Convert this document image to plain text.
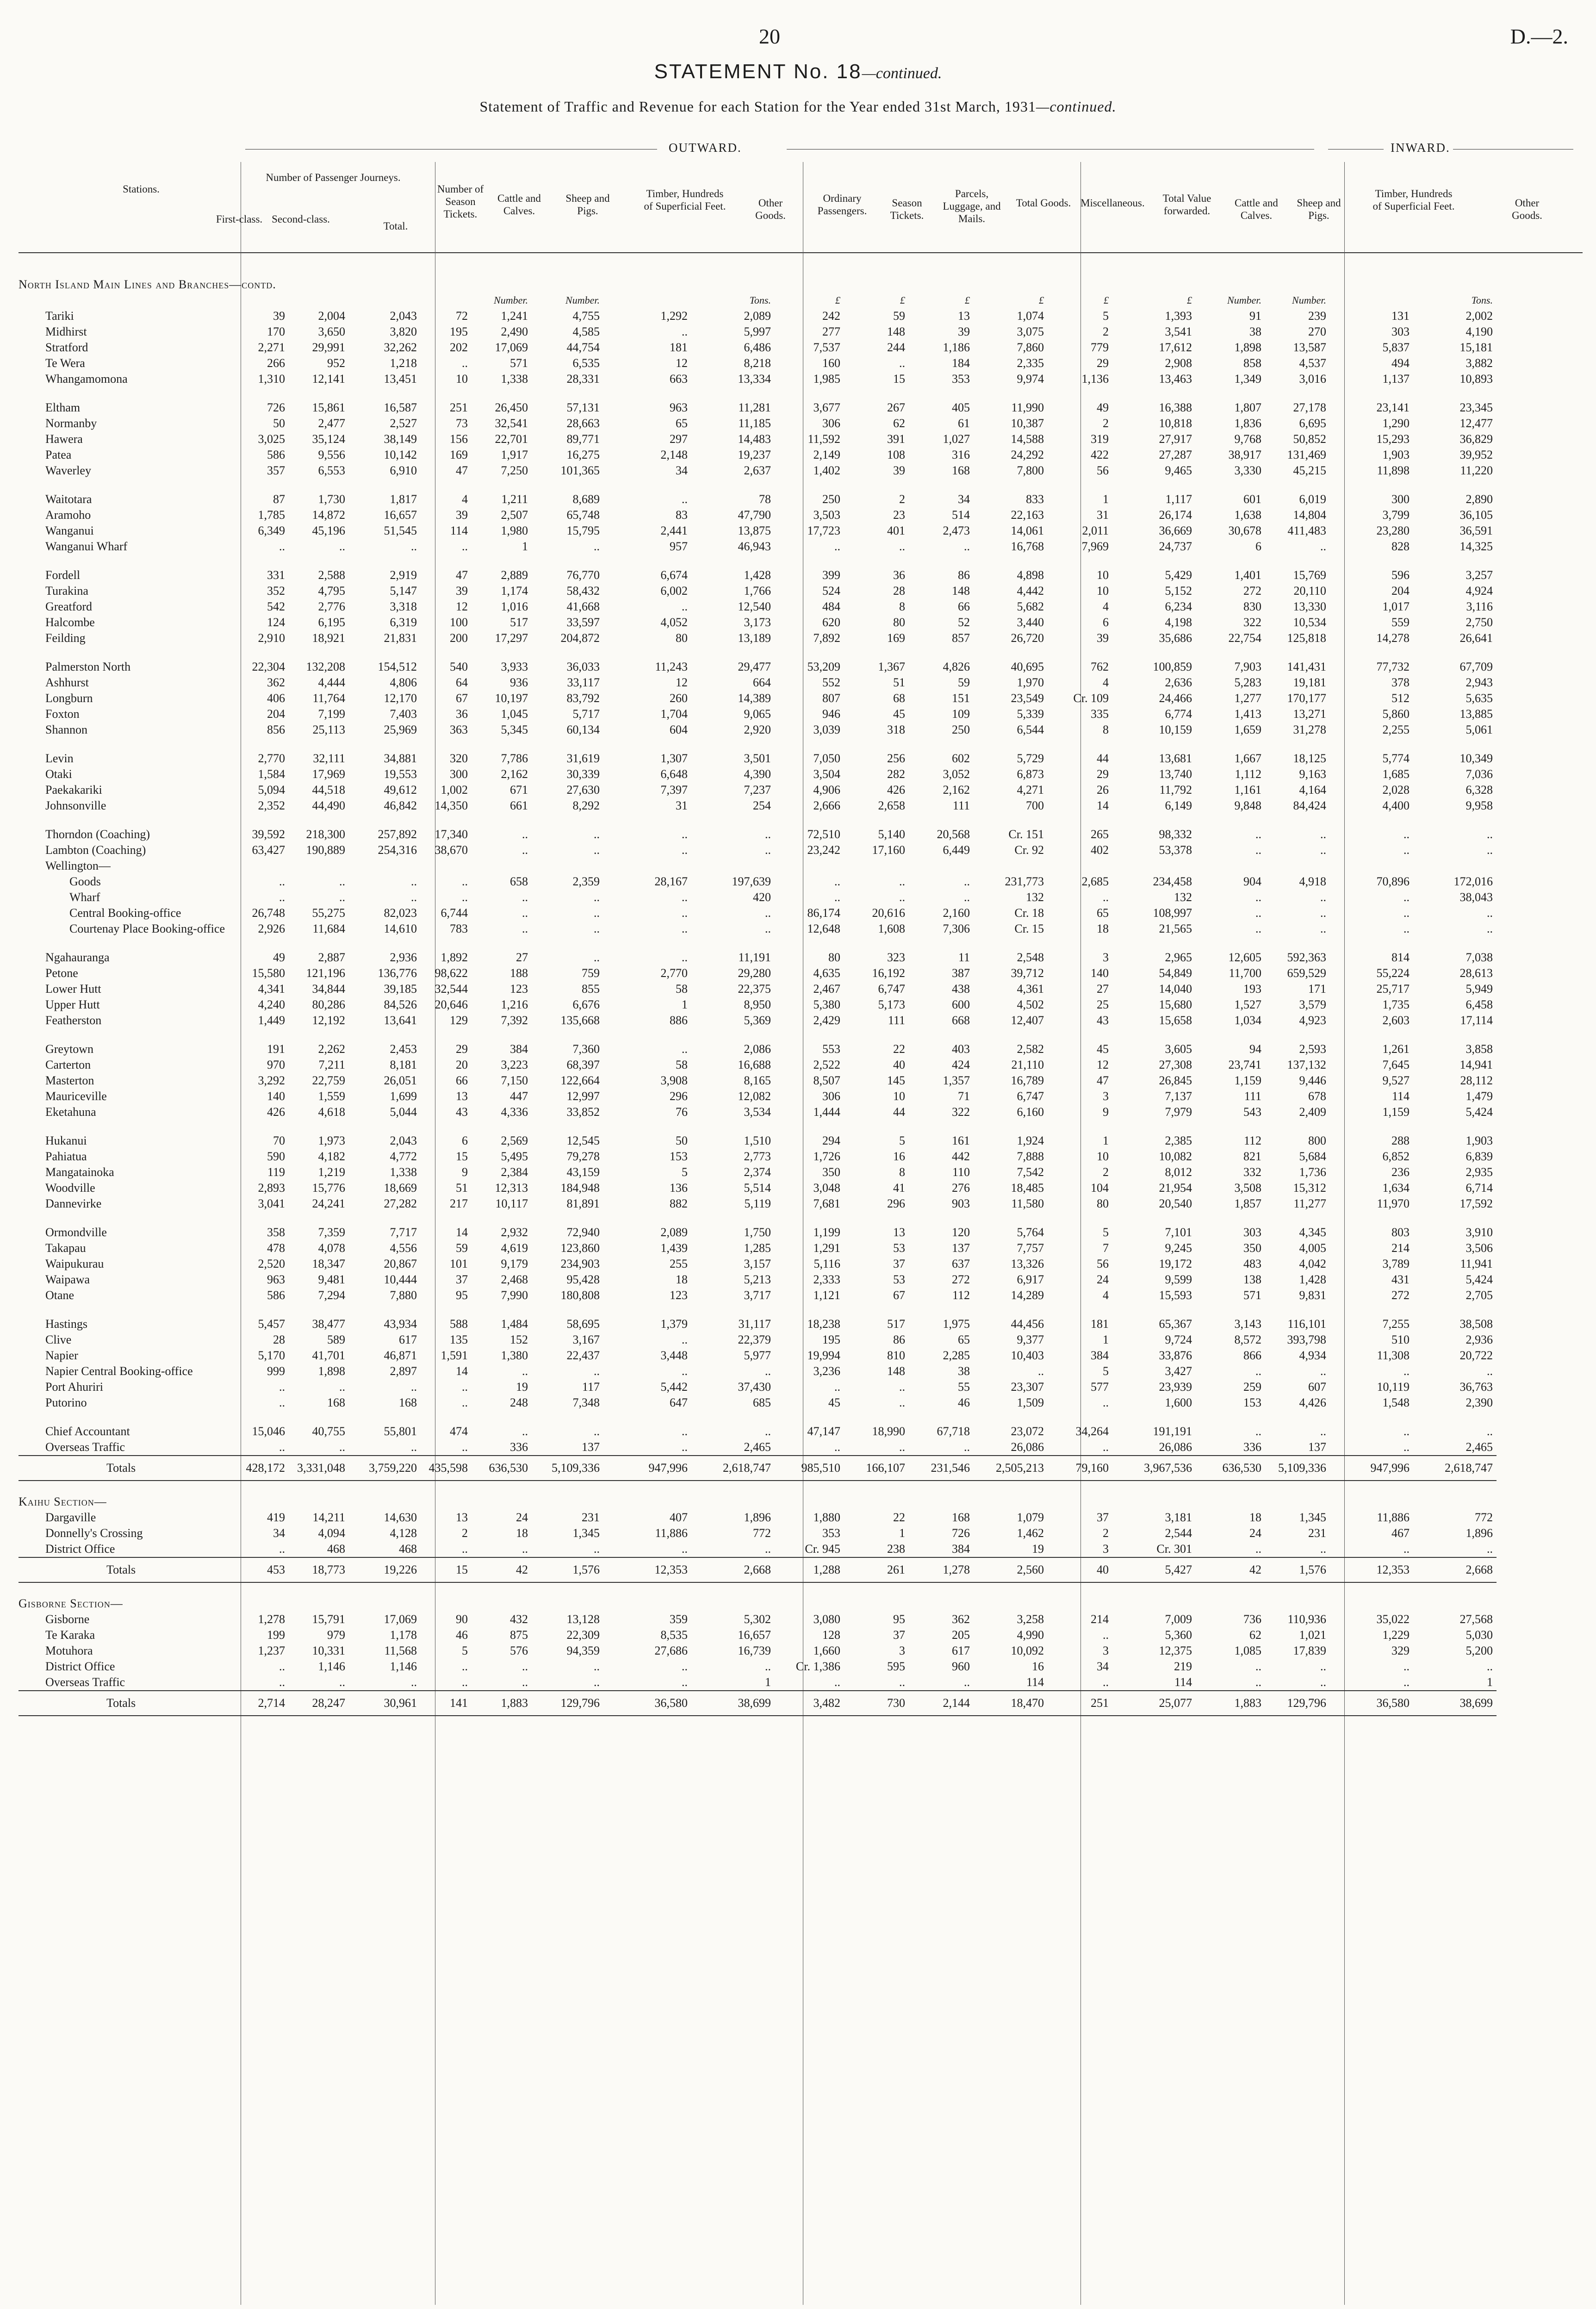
20	D.—2.
STATEMENT No. 18—continued.
Statement of Traffic and Revenue for each Station for the Year ended 31st March, 1931—continued.
OUTWARD.	INWARD.
Stations.
Number of Passenger Journeys.
First-class. Second-class.
Total.
Number of Season Tickets.
Cattle and Calves.
Sheep and Pigs.
Timber, Hundreds of Superficial Feet.	Other Goods.
Ordinary Passengers.
Season Tickets.
Parcels, Luggage, and Mails.
Total Goods. Miscellaneous.	Total Value forwarded.
Cattle and Calves.
Sheep and Pigs.
Timber, Hundreds of Superficial Feet.	Other Goods.
North Island Main Lines and Branches—contd.																		
					Number.	Number.		Tons.	£	£	£	£	£	£	Number.	Number.		Tons.
Tariki	39	2,004	2,043	72	1,241	4,755	1,292	2,089	242	59	13	1,074	5	1,393	91	239	131	2,002
Midhirst	170	3,650	3,820	195	2,490	4,585	..	5,997	277	148	39	3,075	2	3,541	38	270	303	4,190
Stratford	2,271	29,991	32,262	202	17,069	44,754	181	6,486	7,537	244	1,186	7,860	779	17,612	1,898	13,587	5,837	15,181
Te Wera	266	952	1,218	..	571	6,535	12	8,218	160	..	184	2,335	29	2,908	858	4,537	494	3,882
Whangamomona	1,310	12,141	13,451	10	1,338	28,331	663	13,334	1,985	15	353	9,974	1,136	13,463	1,349	3,016	1,137	10,893

Eltham	726	15,861	16,587	251	26,450	57,131	963	11,281	3,677	267	405	11,990	49	16,388	1,807	27,178	23,141	23,345
Normanby	50	2,477	2,527	73	32,541	28,663	65	11,185	306	62	61	10,387	2	10,818	1,836	6,695	1,290	12,477
Hawera	3,025	35,124	38,149	156	22,701	89,771	297	14,483	11,592	391	1,027	14,588	319	27,917	9,768	50,852	15,293	36,829
Patea	586	9,556	10,142	169	1,917	16,275	2,148	19,237	2,149	108	316	24,292	422	27,287	38,917	131,469	1,903	39,952
Waverley	357	6,553	6,910	47	7,250	101,365	34	2,637	1,402	39	168	7,800	56	9,465	3,330	45,215	11,898	11,220

Waitotara	87	1,730	1,817	4	1,211	8,689	..	78	250	2	34	833	1	1,117	601	6,019	300	2,890
Aramoho	1,785	14,872	16,657	39	2,507	65,748	83	47,790	3,503	23	514	22,163	31	26,174	1,638	14,804	3,799	36,105
Wanganui	6,349	45,196	51,545	114	1,980	15,795	2,441	13,875	17,723	401	2,473	14,061	2,011	36,669	30,678	411,483	23,280	36,591
Wanganui Wharf	..	..	..	..	1	..	957	46,943	..	..	..	16,768	7,969	24,737	6	..	828	14,325

Fordell	331	2,588	2,919	47	2,889	76,770	6,674	1,428	399	36	86	4,898	10	5,429	1,401	15,769	596	3,257
Turakina	352	4,795	5,147	39	1,174	58,432	6,002	1,766	524	28	148	4,442	10	5,152	272	20,110	204	4,924
Greatford	542	2,776	3,318	12	1,016	41,668	..	12,540	484	8	66	5,682	4	6,234	830	13,330	1,017	3,116
Halcombe	124	6,195	6,319	100	517	33,597	4,052	3,173	620	80	52	3,440	6	4,198	322	10,534	559	2,750
Feilding	2,910	18,921	21,831	200	17,297	204,872	80	13,189	7,892	169	857	26,720	39	35,686	22,754	125,818	14,278	26,641

Palmerston North	22,304	132,208	154,512	540	3,933	36,033	11,243	29,477	53,209	1,367	4,826	40,695	762	100,859	7,903	141,431	77,732	67,709
Ashhurst	362	4,444	4,806	64	936	33,117	12	664	552	51	59	1,970	4	2,636	5,283	19,181	378	2,943
Longburn	406	11,764	12,170	67	10,197	83,792	260	14,389	807	68	151	23,549	Cr. 109	24,466	1,277	170,177	512	5,635
Foxton	204	7,199	7,403	36	1,045	5,717	1,704	9,065	946	45	109	5,339	335	6,774	1,413	13,271	5,860	13,885
Shannon	856	25,113	25,969	363	5,345	60,134	604	2,920	3,039	318	250	6,544	8	10,159	1,659	31,278	2,255	5,061

Levin	2,770	32,111	34,881	320	7,786	31,619	1,307	3,501	7,050	256	602	5,729	44	13,681	1,667	18,125	5,774	10,349
Otaki	1,584	17,969	19,553	300	2,162	30,339	6,648	4,390	3,504	282	3,052	6,873	29	13,740	1,112	9,163	1,685	7,036
Paekakariki	5,094	44,518	49,612	1,002	671	27,630	7,397	7,237	4,906	426	2,162	4,271	26	11,792	1,161	4,164	2,028	6,328
Johnsonville	2,352	44,490	46,842	14,350	661	8,292	31	254	2,666	2,658	111	700	14	6,149	9,848	84,424	4,400	9,958

Thorndon (Coaching)	39,592	218,300	257,892	17,340	..	..	..	..	72,510	5,140	20,568	Cr. 151	265	98,332	..	..	..	..
Lambton (Coaching)	63,427	190,889	254,316	38,670	..	..	..	..	23,242	17,160	6,449	Cr. 92	402	53,378	..	..	..	..
Wellington—																		
Goods	..	..	..	..	658	2,359	28,167	197,639	..	..	..	231,773	2,685	234,458	904	4,918	70,896	172,016
Wharf	..	..	..	..	..	..	..	420	..	..	..	132	..	132	..	..	..	38,043
Central Booking-office	26,748	55,275	82,023	6,744	..	..	..	..	86,174	20,616	2,160	Cr. 18	65	108,997	..	..	..	..
Courtenay Place Booking-office	2,926	11,684	14,610	783	..	..	..	..	12,648	1,608	7,306	Cr. 15	18	21,565	..	..	..	..

Ngahauranga	49	2,887	2,936	1,892	27	..	..	11,191	80	323	11	2,548	3	2,965	12,605	592,363	814	7,038
Petone	15,580	121,196	136,776	98,622	188	759	2,770	29,280	4,635	16,192	387	39,712	140	54,849	11,700	659,529	55,224	28,613
Lower Hutt	4,341	34,844	39,185	32,544	123	855	58	22,375	2,467	6,747	438	4,361	27	14,040	193	171	25,717	5,949
Upper Hutt	4,240	80,286	84,526	20,646	1,216	6,676	1	8,950	5,380	5,173	600	4,502	25	15,680	1,527	3,579	1,735	6,458
Featherston	1,449	12,192	13,641	129	7,392	135,668	886	5,369	2,429	111	668	12,407	43	15,658	1,034	4,923	2,603	17,114

Greytown	191	2,262	2,453	29	384	7,360	..	2,086	553	22	403	2,582	45	3,605	94	2,593	1,261	3,858
Carterton	970	7,211	8,181	20	3,223	68,397	58	16,688	2,522	40	424	21,110	12	27,308	23,741	137,132	7,645	14,941
Masterton	3,292	22,759	26,051	66	7,150	122,664	3,908	8,165	8,507	145	1,357	16,789	47	26,845	1,159	9,446	9,527	28,112
Mauriceville	140	1,559	1,699	13	447	12,997	296	12,082	306	10	71	6,747	3	7,137	111	678	114	1,479
Eketahuna	426	4,618	5,044	43	4,336	33,852	76	3,534	1,444	44	322	6,160	9	7,979	543	2,409	1,159	5,424

Hukanui	70	1,973	2,043	6	2,569	12,545	50	1,510	294	5	161	1,924	1	2,385	112	800	288	1,903
Pahiatua	590	4,182	4,772	15	5,495	79,278	153	2,773	1,726	16	442	7,888	10	10,082	821	5,684	6,852	6,839
Mangatainoka	119	1,219	1,338	9	2,384	43,159	5	2,374	350	8	110	7,542	2	8,012	332	1,736	236	2,935
Woodville	2,893	15,776	18,669	51	12,313	184,948	136	5,514	3,048	41	276	18,485	104	21,954	3,508	15,312	1,634	6,714
Dannevirke	3,041	24,241	27,282	217	10,117	81,891	882	5,119	7,681	296	903	11,580	80	20,540	1,857	11,277	11,970	17,592

Ormondville	358	7,359	7,717	14	2,932	72,940	2,089	1,750	1,199	13	120	5,764	5	7,101	303	4,345	803	3,910
Takapau	478	4,078	4,556	59	4,619	123,860	1,439	1,285	1,291	53	137	7,757	7	9,245	350	4,005	214	3,506
Waipukurau	2,520	18,347	20,867	101	9,179	234,903	255	3,157	5,116	37	637	13,326	56	19,172	483	4,042	3,789	11,941
Waipawa	963	9,481	10,444	37	2,468	95,428	18	5,213	2,333	53	272	6,917	24	9,599	138	1,428	431	5,424
Otane	586	7,294	7,880	95	7,990	180,808	123	3,717	1,121	67	112	14,289	4	15,593	571	9,831	272	2,705

Hastings	5,457	38,477	43,934	588	1,484	58,695	1,379	31,117	18,238	517	1,975	44,456	181	65,367	3,143	116,101	7,255	38,508
Clive	28	589	617	135	152	3,167	..	22,379	195	86	65	9,377	1	9,724	8,572	393,798	510	2,936
Napier	5,170	41,701	46,871	1,591	1,380	22,437	3,448	5,977	19,994	810	2,285	10,403	384	33,876	866	4,934	11,308	20,722
Napier Central Booking-office	999	1,898	2,897	14	..	..	..	..	3,236	148	38	..	5	3,427	..	..	..	..
Port Ahuriri	..	..	..	..	19	117	5,442	37,430	..	..	55	23,307	577	23,939	259	607	10,119	36,763
Putorino	..	168	168	..	248	7,348	647	685	45	..	46	1,509	..	1,600	153	4,426	1,548	2,390

Chief Accountant	15,046	40,755	55,801	474	..	..	..	..	47,147	18,990	67,718	23,072	34,264	191,191	..	..	..	..
Overseas Traffic	..	..	..	..	336	137	..	2,465	..	..	..	26,086	..	26,086	336	137	..	2,465
Totals	428,172	3,331,048	3,759,220	435,598	636,530	5,109,336	947,996	2,618,747	985,510	166,107	231,546	2,505,213	79,160	3,967,536	636,530	5,109,336	947,996	2,618,747

Kaihu Section—																		
Dargaville	419	14,211	14,630	13	24	231	407	1,896	1,880	22	168	1,079	37	3,181	18	1,345	11,886	772
Donnelly's Crossing	34	4,094	4,128	2	18	1,345	11,886	772	353	1	726	1,462	2	2,544	24	231	467	1,896
District Office	..	468	468	..	..	..	..	..	Cr. 945	238	384	19	3	Cr. 301	..	..	..	..
Totals	453	18,773	19,226	15	42	1,576	12,353	2,668	1,288	261	1,278	2,560	40	5,427	42	1,576	12,353	2,668

Gisborne Section—																		
Gisborne	1,278	15,791	17,069	90	432	13,128	359	5,302	3,080	95	362	3,258	214	7,009	736	110,936	35,022	27,568
Te Karaka	199	979	1,178	46	875	22,309	8,535	16,657	128	37	205	4,990	..	5,360	62	1,021	1,229	5,030
Motuhora	1,237	10,331	11,568	5	576	94,359	27,686	16,739	1,660	3	617	10,092	3	12,375	1,085	17,839	329	5,200
District Office	..	1,146	1,146	..	..	..	..	..	Cr. 1,386	595	960	16	34	219	..	..	..	..
Overseas Traffic	..	..	..	..	..	..	..	1	..	..	..	114	..	114	..	..	..	1
Totals	2,714	28,247	30,961	141	1,883	129,796	36,580	38,699	3,482	730	2,144	18,470	251	25,077	1,883	129,796	36,580	38,699
